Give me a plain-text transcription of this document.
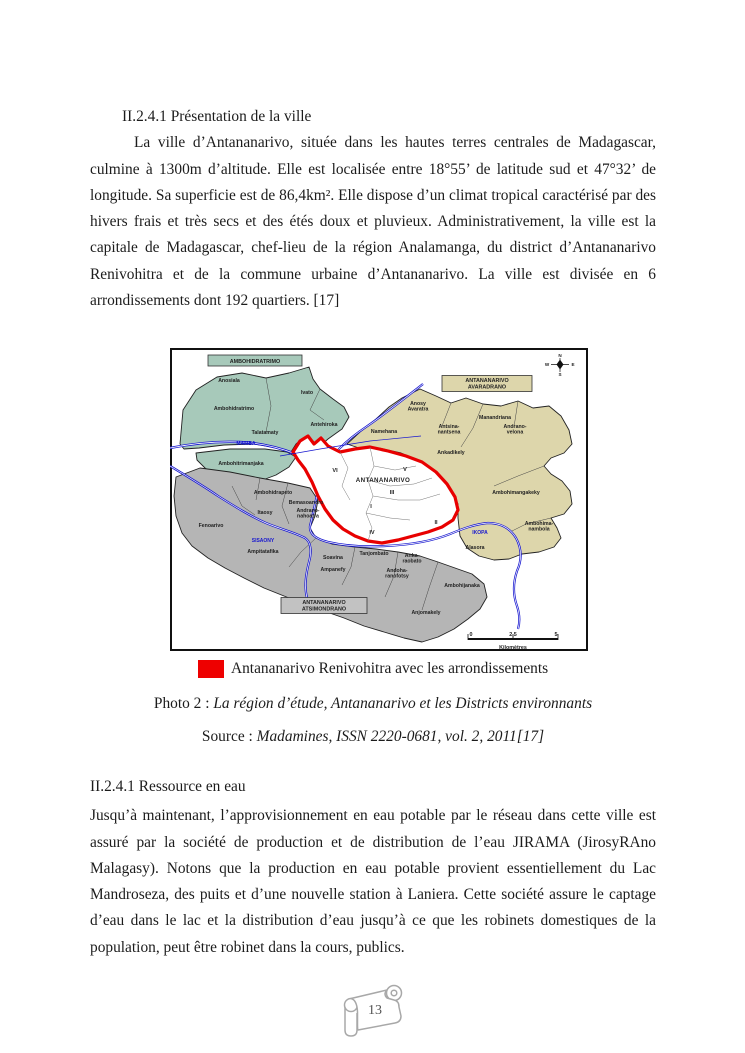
II.2.4.1 Présentation de la ville

La ville d’Antananarivo, située dans les hautes terres centrales de Madagascar, culmine à 1300m d’altitude. Elle est localisée entre 18°55’ de latitude sud et 47°32’ de longitude. Sa superficie est de 86,4km². Elle dispose d’un climat tropical caractérisé par des hivers frais et très secs et des étés doux et pluvieux. Administrativement, la ville est la capitale de Madagascar, chef-lieu de la région Analamanga, du district d’Antananarivo Renivohitra et de la commune urbaine d’Antananarivo. La ville est divisée en 6 arrondissements dont 192 quartiers. [17]

AMBOHIDRATRIMO
ANTANANARIVO
AVARADRANO
ANTANANARIVO
ATSIMONDRANO
Anosiala
Ivato
Ambohidratrimo
Antehiroka
Talatamaty
MAMBA
Ambohitrimanjaka
Anosy Avaratra
Manandriana
Namehana
Antsina-nantsena
Andrano-velona
Ankadikely
Ambohimangakeky
Ambohima-nambola
IKOPA
Alasora
Ambohidrapeto
Bemasoandro
Itaosy	Andrano-nahoatra
Fenoarivo
SISAONY
Ampitatafika
Soavina
Tanjombato	Anka-raobato
Ampanefy	Andoha-ranofotsy
Ambohijanaka
Anjomakely
ANTANANARIVO
VI	V
III
I
II
IV
N
S
W	E
0	2,5	5
Kilomètres
Antananarivo Renivohitra avec les arrondissements

Photo 2 : La région d’étude, Antananarivo et les Districts environnants

Source : Madamines, ISSN 2220-0681, vol. 2, 2011[17]

II.2.4.1 Ressource en eau

Jusqu’à maintenant, l’approvisionnement en eau potable par le réseau dans cette ville est assuré par la société de production et de distribution de l’eau JIRAMA (JirosyRAno Malagasy). Notons que la production en eau potable provient essentiellement du Lac Mandroseza, des puits et d’une nouvelle station à Laniera. Cette société assure le captage d’eau dans le lac et la distribution d’eau jusqu’à ce que les robinets domestiques de la population, peut être robinet dans la cours, publics.

13
